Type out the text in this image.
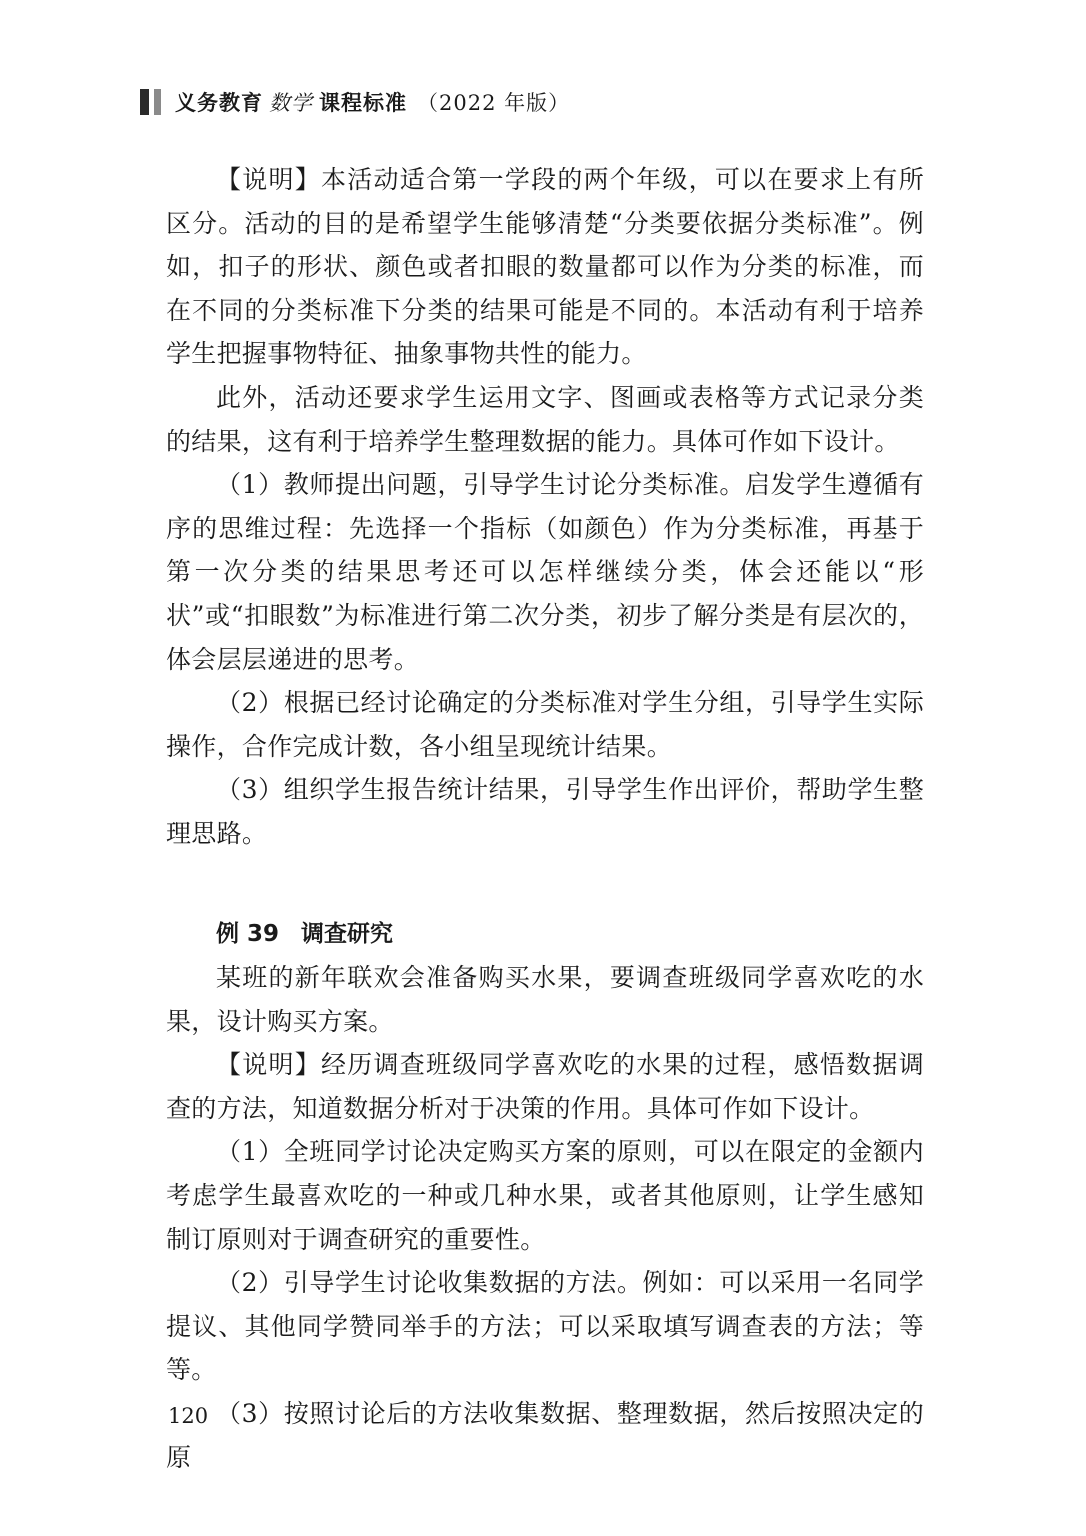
义务教育 数学 课程标准 （2022 年版）

【说明】本活动适合第一学段的两个年级，可以在要求上有所区分。活动的目的是希望学生能够清楚“分类要依据分类标准”。例如，扣子的形状、颜色或者扣眼的数量都可以作为分类的标准，而在不同的分类标准下分类的结果可能是不同的。本活动有利于培养学生把握事物特征、抽象事物共性的能力。

此外，活动还要求学生运用文字、图画或表格等方式记录分类的结果，这有利于培养学生整理数据的能力。具体可作如下设计。

（1）教师提出问题，引导学生讨论分类标准。启发学生遵循有序的思维过程：先选择一个指标（如颜色）作为分类标准，再基于第一次分类的结果思考还可以怎样继续分类，体会还能以“形状”或“扣眼数”为标准进行第二次分类，初步了解分类是有层次的，体会层层递进的思考。

（2）根据已经讨论确定的分类标准对学生分组，引导学生实际操作，合作完成计数，各小组呈现统计结果。

（3）组织学生报告统计结果，引导学生作出评价，帮助学生整理思路。

例 39 调查研究

某班的新年联欢会准备购买水果，要调查班级同学喜欢吃的水果，设计购买方案。

【说明】经历调查班级同学喜欢吃的水果的过程，感悟数据调查的方法，知道数据分析对于决策的作用。具体可作如下设计。

（1）全班同学讨论决定购买方案的原则，可以在限定的金额内考虑学生最喜欢吃的一种或几种水果，或者其他原则，让学生感知制订原则对于调查研究的重要性。

（2）引导学生讨论收集数据的方法。例如：可以采用一名同学提议、其他同学赞同举手的方法；可以采取填写调查表的方法；等等。

（3）按照讨论后的方法收集数据、整理数据，然后按照决定的原

120
